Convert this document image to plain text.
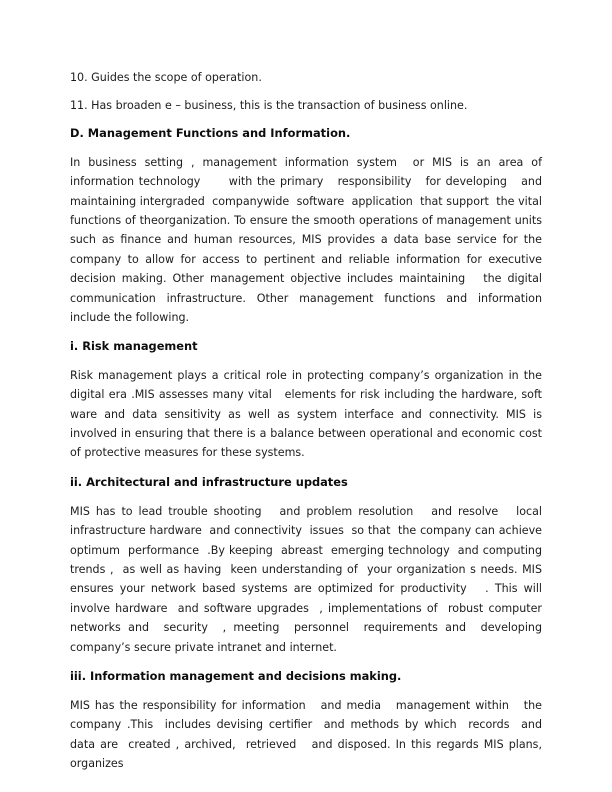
10. Guides the scope of operation.

11. Has broaden e – business, this is the transaction of business online.

D. Management Functions and Information.

In business setting , management information system  or MIS is an area of information technology      with the primary   responsibility   for developing   and maintaining intergraded  companywide  software  application  that support  the vital functions of theorganization. To ensure the smooth operations of management units such as finance and human resources, MIS provides a data base service for the company to allow for access to pertinent and reliable information for executive decision making. Other management objective includes maintaining   the digital communication infrastructure. Other management functions and information include the following.

i. Risk management

Risk management plays a critical role in protecting company’s organization in the digital era .MIS assesses many vital   elements for risk including the hardware, soft ware and data sensitivity as well as system interface and connectivity. MIS is involved in ensuring that there is a balance between operational and economic cost of protective measures for these systems.

ii. Architectural and infrastructure updates

MIS has to lead trouble shooting   and problem resolution   and resolve   local infrastructure hardware  and connectivity  issues  so that  the company can achieve optimum  performance  .By keeping  abreast  emerging technology  and computing trends ,  as well as having  keen understanding of  your organization s needs. MIS ensures your network based systems are optimized for productivity   . This will involve hardware  and software upgrades  , implementations of  robust computer  networks and  security  , meeting  personnel  requirements and  developing  company’s secure private intranet and internet.

iii. Information management and decisions making.

MIS has the responsibility for information   and media   management within   the company .This  includes devising certifier  and methods by which  records  and  data are  created , archived,  retrieved   and disposed. In this regards MIS plans, organizes
